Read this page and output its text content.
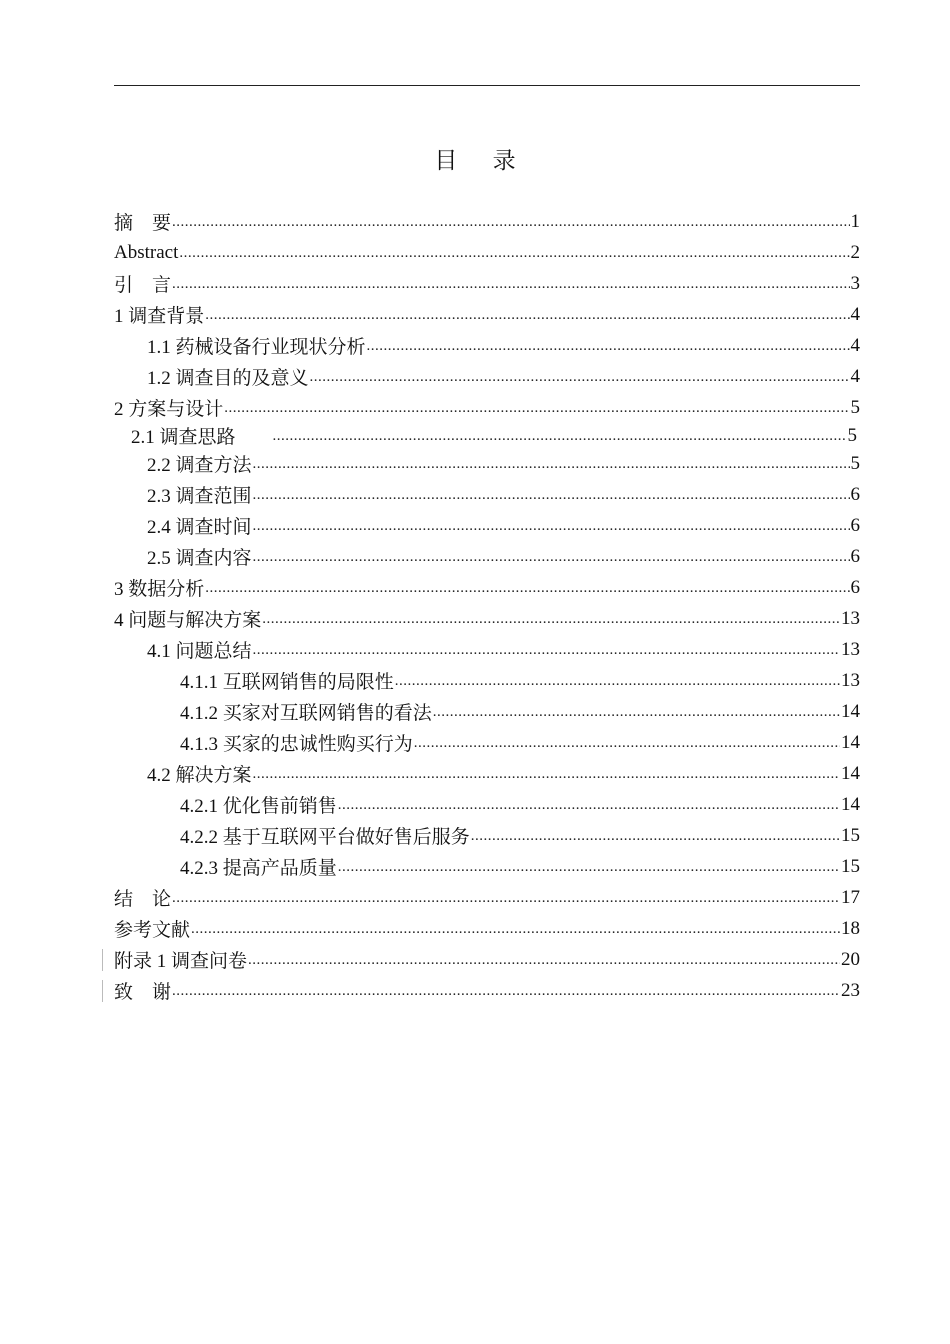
目 录
摘　要 .....	1
Abstract .....	2
引　言 .....	3
1 调查背景 .....	4
1.1 药械设备行业现状分析 .....	4
1.2 调查目的及意义 .....	4
2 方案与设计 .....	5
2.1 调查思路 .....	5
2.2 调查方法 .....	5
2.3 调查范围 .....	6
2.4 调查时间 .....	6
2.5 调查内容 .....	6
3 数据分析 .....	6
4 问题与解决方案 .....	13
4.1 问题总结 .....	13
4.1.1 互联网销售的局限性 .....	13
4.1.2 买家对互联网销售的看法 .....	14
4.1.3 买家的忠诚性购买行为 .....	14
4.2 解决方案 .....	14
4.2.1 优化售前销售 .....	14
4.2.2 基于互联网平台做好售后服务 .....	15
4.2.3 提高产品质量 .....	15
结　论 .....	17
参考文献 .....	18
附录 1 调查问卷 .....	20
致　谢 .....	23
